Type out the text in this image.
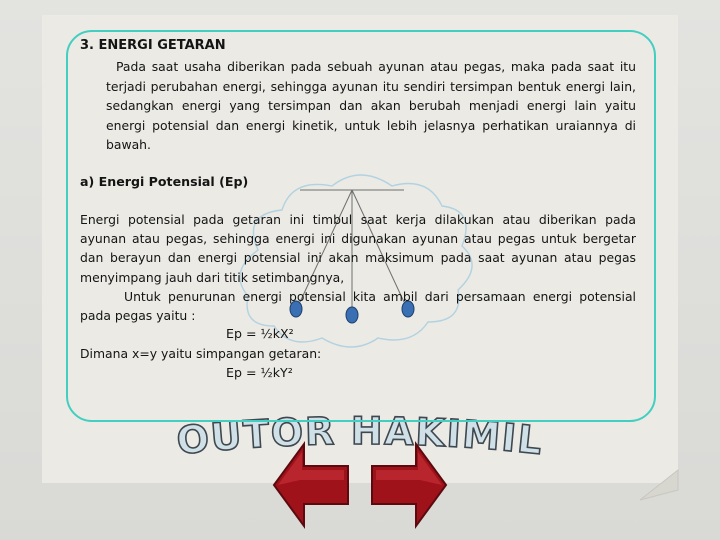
OUTOR HAKIMIL
3. ENERGI GETARAN
Pada saat usaha diberikan pada sebuah ayunan atau pegas, maka pada saat itu terjadi perubahan energi, sehingga ayunan itu sendiri tersimpan bentuk energi lain, sedangkan energi yang tersimpan dan akan berubah menjadi energi lain yaitu energi potensial dan energi kinetik, untuk lebih jelasnya perhatikan uraiannya di bawah.
a) Energi Potensial (Ep)
Energi potensial pada getaran ini timbul saat kerja dilakukan atau diberikan pada ayunan atau pegas, sehingga energi ini digunakan ayunan atau pegas untuk bergetar dan berayun dan energi potensial ini akan maksimum pada saat ayunan atau pegas menyimpang jauh dari titik setimbangnya,
Untuk penurunan energi potensial kita ambil dari persamaan energi potensial pada pegas yaitu :
Ep = ½kX²
Dimana x=y yaitu simpangan getaran:
Ep = ½kY²
